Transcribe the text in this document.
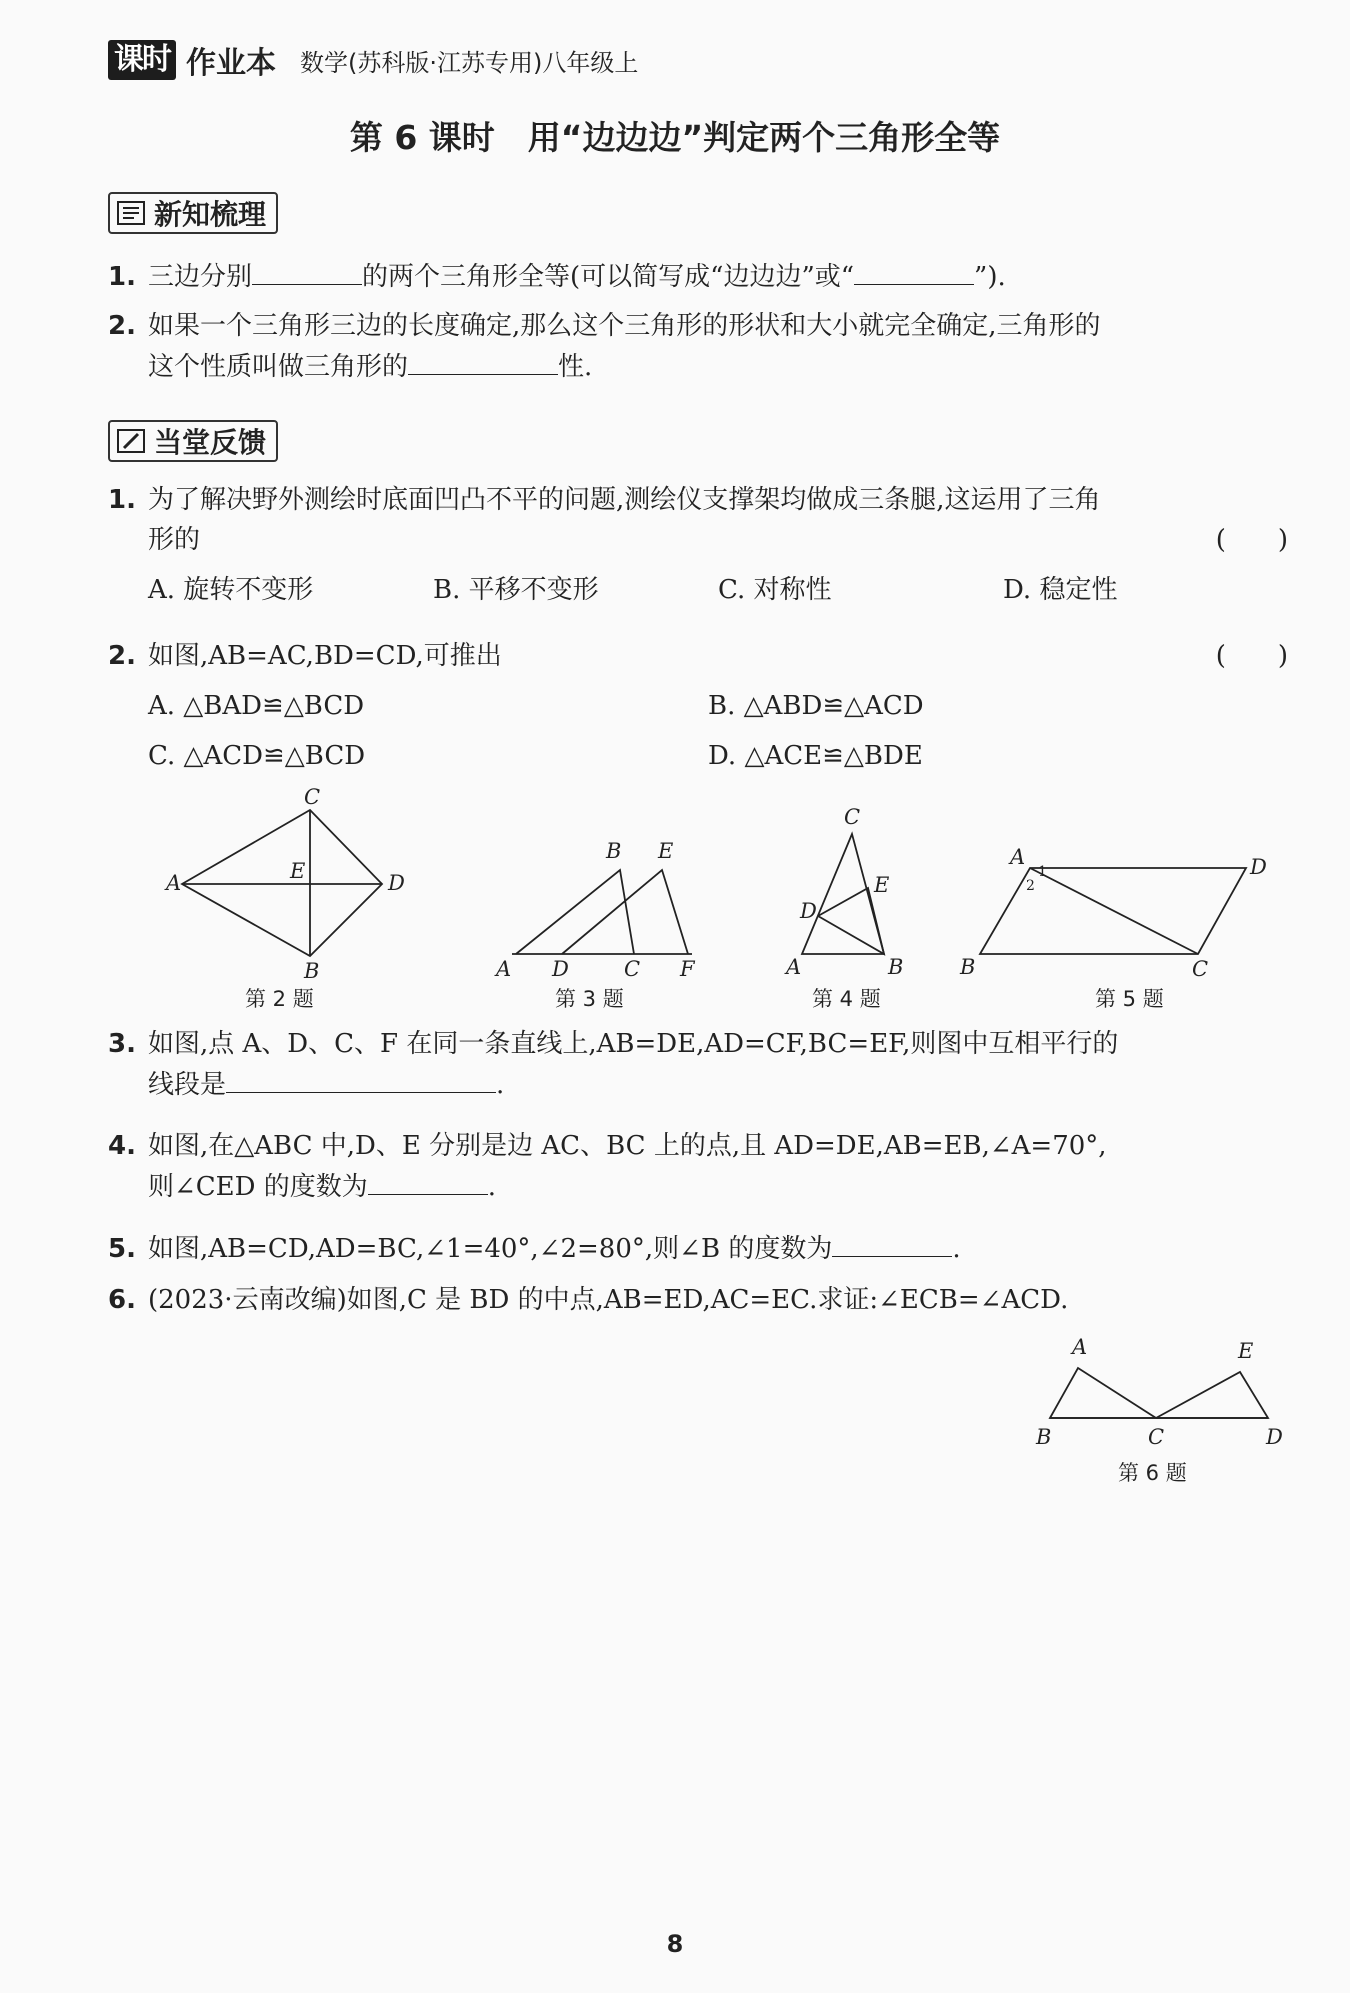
课时 作业本 数学(苏科版·江苏专用)八年级上
第 6 课时　用“边边边”判定两个三角形全等
新知梳理
1. 三边分别	的两个三角形全等(可以简写成“边边边”或“	”).
2. 如果一个三角形三边的长度确定,那么这个三角形的形状和大小就完全确定,三角形的
这个性质叫做三角形的	性.
当堂反馈
1. 为了解决野外测绘时底面凹凸不平的问题,测绘仪支撑架均做成三条腿,这运用了三角
形的	(　　)
A. 旋转不变形	B. 平移不变形	C. 对称性	D. 稳定性
2. 如图,AB=AC,BD=CD,可推出	(　　)
A. △BAD≌△BCD	B. △ABD≌△ACD
C. △ACD≌△BCD	D. △ACE≌△BDE
C
A	E	D
B
第 2 题
B E
A D	C F
第 3 题
C
E
D
A	B
第 4 题
A
1
2
D
B	C
第 5 题
3. 如图,点 A、D、C、F 在同一条直线上,AB=DE,AD=CF,BC=EF,则图中互相平行的
线段是	.
4. 如图,在△ABC 中,D、E 分别是边 AC、BC 上的点,且 AD=DE,AB=EB,∠A=70°,
则∠CED 的度数为	.
5. 如图,AB=CD,AD=BC,∠1=40°,∠2=80°,则∠B 的度数为	.
6. (2023·云南改编)如图,C 是 BD 的中点,AB=ED,AC=EC.求证:∠ECB=∠ACD.
A	E
B	C	D
第 6 题
8
